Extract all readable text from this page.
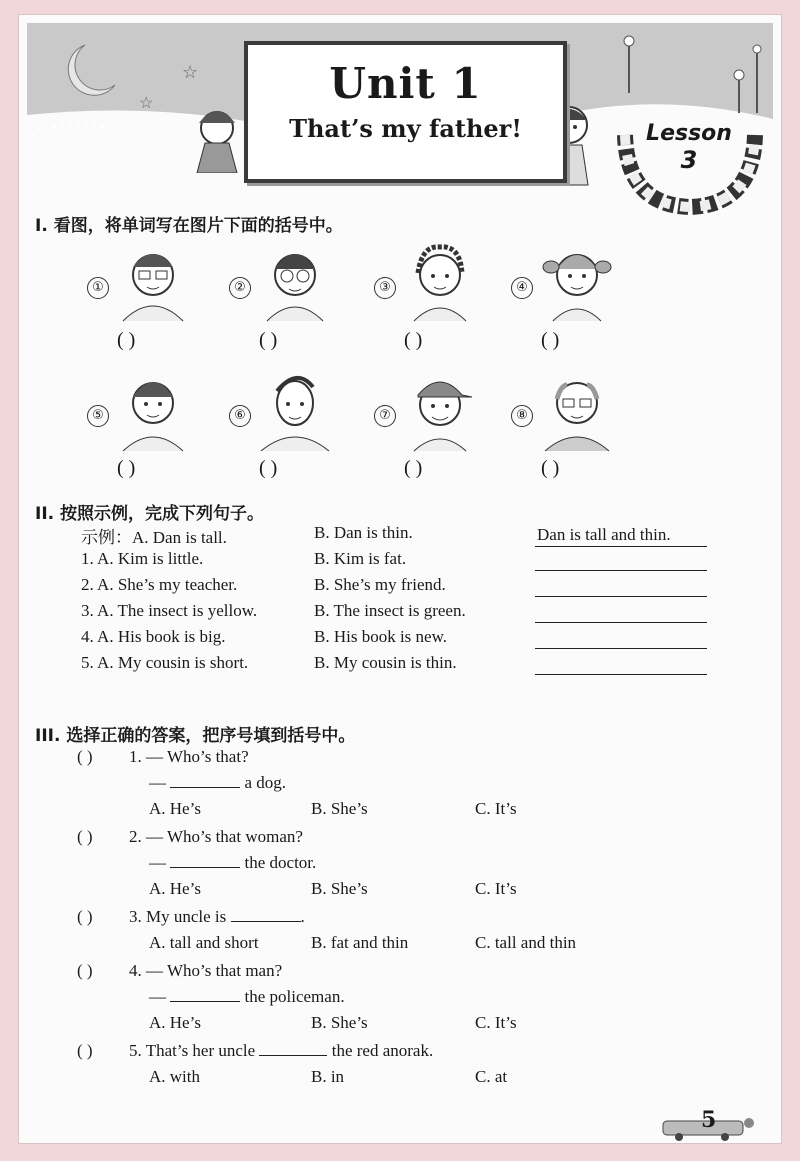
☆
☆	Unit 1
That’s my father!	Lesson
3
I. 看图，将单词写在图片下面的括号中。
①
( )
②
( )
③
( )
④
( )
⑤
( )
⑥
( )
⑦
( )
⑧
( )
II. 按照示例，完成下列句子。
示例：A. Dan is tall.	B. Dan is thin.	Dan is tall and thin.
1. A. Kim is little.	B. Kim is fat.
2. A. She’s my teacher.	B. She’s my friend.
3. A. The insect is yellow.	B. The insect is green.
4. A. His book is big.	B. His book is new.
5. A. My cousin is short.	B. My cousin is thin.
III. 选择正确的答案，把序号填到括号中。
( ) 1. — Who’s that?
—	a dog.
A. He’s	B. She’s	C. It’s
( ) 2. — Who’s that woman?
—	the doctor.
A. He’s	B. She’s	C. It’s
( ) 3. My uncle is	.
A. tall and short	B. fat and thin	C. tall and thin
( ) 4. — Who’s that man?
—	the policeman.
A. He’s	B. She’s	C. It’s
( ) 5. That’s her uncle	the red anorak.
A. with	B. in	C. at
5
